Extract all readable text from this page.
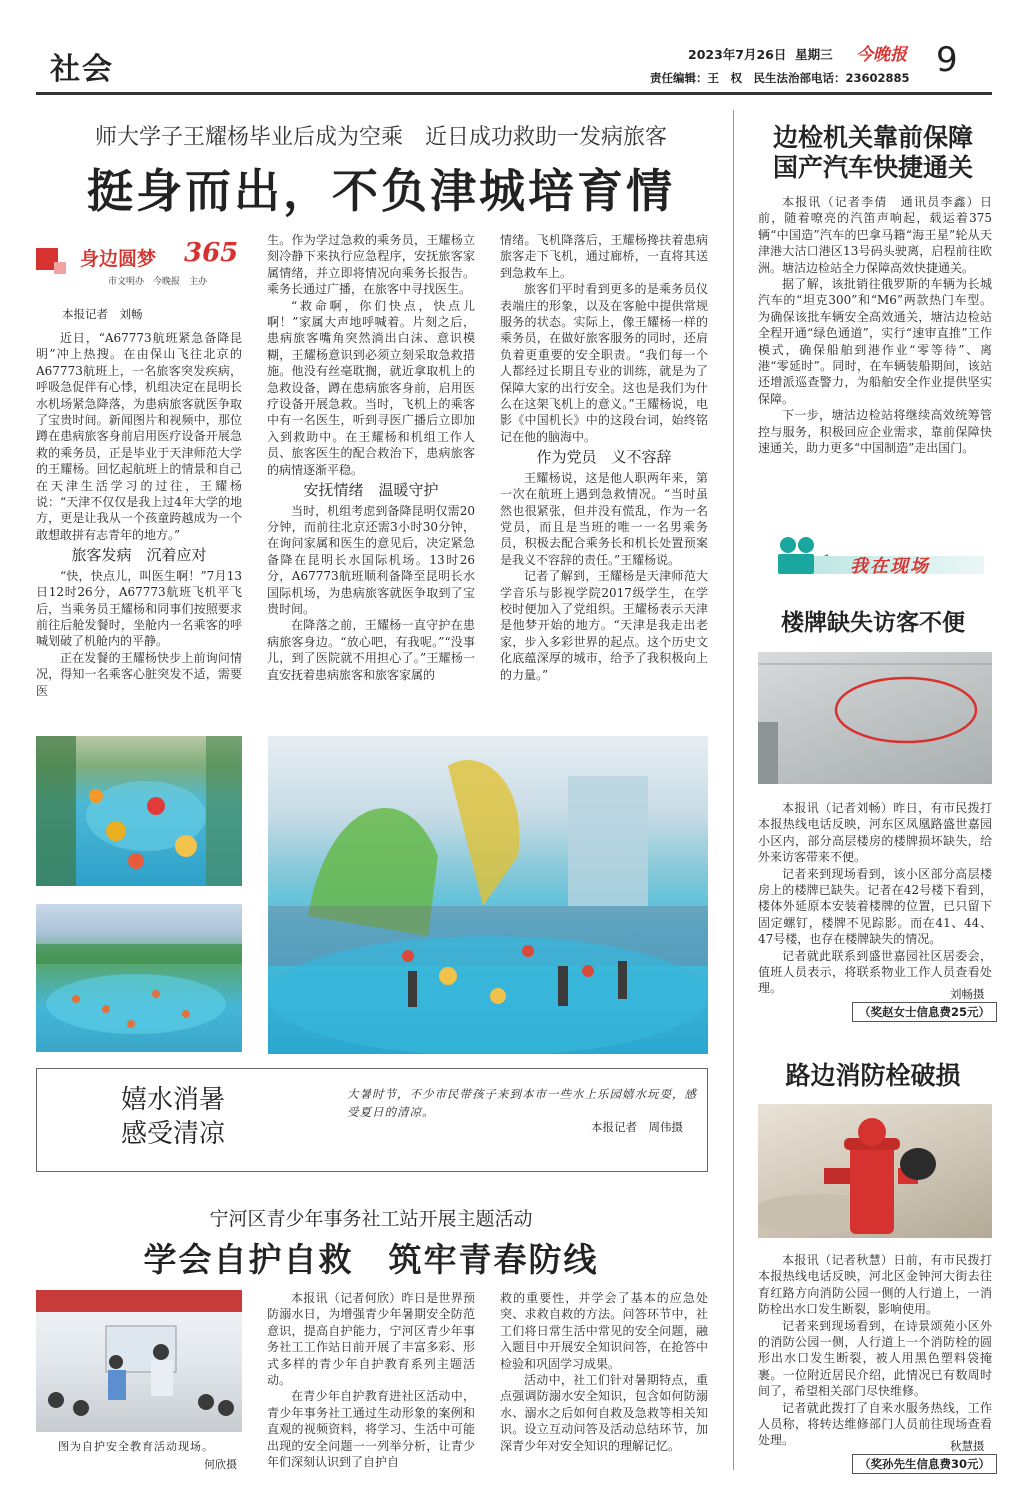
社会	2023年7月26日 星期三 今晚报 9
责任编辑：王　权　民生法治部电话：23602885
师大学子王耀杨毕业后成为空乘　近日成功救助一发病旅客
挺身而出，不负津城培育情
身边圆梦 365
市文明办　今晚报　主办
本报记者　刘畅

近日，“A67773航班紧急备降昆明”冲上热搜。在由保山飞往北京的A67773航班上，一名旅客突发疾病，呼吸急促伴有心悸，机组决定在昆明长水机场紧急降落，为患病旅客就医争取了宝贵时间。新闻图片和视频中，那位蹲在患病旅客身前启用医疗设备开展急救的乘务员，正是毕业于天津师范大学的王耀杨。回忆起航班上的情景和自己在天津生活学习的过往，王耀杨说：“天津不仅仅是我上过4年大学的地方，更是让我从一个孩童跨越成为一个敢想敢拼有志青年的地方。”

旅客发病　沉着应对

“快，快点儿，叫医生啊！”7月13日12时26分，A67773航班飞机平飞后，当乘务员王耀杨和同事们按照要求前往后舱发餐时，坐舱内一名乘客的呼喊划破了机舱内的平静。

正在发餐的王耀杨快步上前询问情况，得知一名乘客心脏突发不适，需要医

生。作为学过急救的乘务员，王耀杨立刻冷静下来执行应急程序，安抚旅客家属情绪，并立即将情况向乘务长报告。乘务长通过广播，在旅客中寻找医生。

“救命啊，你们快点，快点儿啊！”家属大声地呼喊着。片刻之后，患病旅客嘴角突然淌出白沫、意识模糊，王耀杨意识到必须立刻采取急救措施。他没有丝毫耽搁，就近拿取机上的急救设备，蹲在患病旅客身前，启用医疗设备开展急救。当时，飞机上的乘客中有一名医生，听到寻医广播后立即加入到救助中。在王耀杨和机组工作人员、旅客医生的配合救治下，患病旅客的病情逐渐平稳。

安抚情绪　温暖守护

当时，机组考虑到备降昆明仅需20分钟，而前往北京还需3小时30分钟，在询问家属和医生的意见后，决定紧急备降在昆明长水国际机场。13时26分，A67773航班顺利备降至昆明长水国际机场，为患病旅客就医争取到了宝贵时间。

在降落之前，王耀杨一直守护在患病旅客身边。“放心吧，有我呢。”“没事儿，到了医院就不用担心了。”王耀杨一直安抚着患病旅客和旅客家属的

情绪。飞机降落后，王耀杨搀扶着患病旅客走下飞机，通过廊桥，一直将其送到急救车上。

旅客们平时看到更多的是乘务员仪表端庄的形象，以及在客舱中提供常规服务的状态。实际上，像王耀杨一样的乘务员，在做好旅客服务的同时，还肩负着更重要的安全职责。“我们每一个人都经过长期且专业的训练，就是为了保障大家的出行安全。这也是我们为什么在这架飞机上的意义。”王耀杨说，电影《中国机长》中的这段台词，始终铭记在他的脑海中。

作为党员　义不容辞

王耀杨说，这是他人职两年来，第一次在航班上遇到急救情况。“当时虽然也很紧张，但并没有慌乱，作为一名党员，而且是当班的唯一一名男乘务员，积极去配合乘务长和机长处置预案是我义不容辞的责任。”王耀杨说。

记者了解到，王耀杨是天津师范大学音乐与影视学院2017级学生，在学校时便加入了党组织。王耀杨表示天津是他梦开始的地方。“天津是我走出老家，步入多彩世界的起点。这个历史文化底蕴深厚的城市，给予了我积极向上的力量。”

嬉水消暑
感受清凉
大暑时节，不少市民带孩子来到本市一些水上乐园嬉水玩耍，感受夏日的清凉。
本报记者　周伟摄
宁河区青少年事务社工站开展主题活动
学会自护自救　筑牢青春防线
图为自护安全教育活动现场。
何欣摄

本报讯（记者何欣）昨日是世界预防溺水日，为增强青少年暑期安全防范意识，提高自护能力，宁河区青少年事务社工工作站日前开展了丰富多彩、形式多样的青少年自护教育系列主题活动。

在青少年自护教育进社区活动中，青少年事务社工通过生动形象的案例和直观的视频资料，将学习、生活中可能出现的安全问题一一列举分析，让青少年们深刻认识到了自护自

救的重要性，并学会了基本的应急处突、求救自救的方法。问答环节中，社工们将日常生活中常见的安全问题，融入题目中开展安全知识问答，在抢答中检验和巩固学习成果。

活动中，社工们针对暑期特点，重点强调防溺水安全知识，包含如何防溺水、溺水之后如何自救及急救等相关知识。设立互动问答及活动总结环节，加深青少年对安全知识的理解记忆。

边检机关靠前保障
国产汽车快捷通关

本报讯（记者李倩　通讯员李鑫）日前，随着嘹亮的汽笛声响起，载运着375辆“中国造”汽车的巴拿马籍“海王星”轮从天津港大沽口港区13号码头驶离，启程前往欧洲。塘沽边检站全力保障高效快捷通关。

据了解，该批销往俄罗斯的车辆为长城汽车的“坦克300”和“M6”两款热门车型。为确保该批车辆安全高效通关，塘沽边检站全程开通“绿色通道”，实行“速审直推”工作模式，确保船舶到港作业“零等待”、离港“零延时”。同时，在车辆装船期间，该站还增派巡查警力，为船舶安全作业提供坚实保障。

下一步，塘沽边检站将继续高效统筹管控与服务，积极回应企业需求，靠前保障快速通关，助力更多“中国制造”走出国门。

我在现场
楼牌缺失访客不便

本报讯（记者刘畅）昨日，有市民拨打本报热线电话反映，河东区凤凰路盛世嘉园小区内，部分高层楼房的楼牌损坏缺失，给外来访客带来不便。

记者来到现场看到，该小区部分高层楼房上的楼牌已缺失。记者在42号楼下看到，楼体外延原本安装着楼牌的位置，已只留下固定螺钉，楼牌不见踪影。而在41、44、47号楼，也存在楼牌缺失的情况。

记者就此联系到盛世嘉园社区居委会，值班人员表示，将联系物业工作人员查看处理。	刘畅摄
（奖赵女士信息费25元）
路边消防栓破损

本报讯（记者秋慧）日前，有市民拨打本报热线电话反映，河北区金钟河大街去往育红路方向消防公园一侧的人行道上，一消防栓出水口发生断裂，影响使用。

记者来到现场看到，在诗景颂苑小区外的消防公园一侧，人行道上一个消防栓的圆形出水口发生断裂，被人用黑色塑料袋掩裹。一位附近居民介绍，此情况已有数周时间了，希望相关部门尽快维修。

记者就此拨打了自来水服务热线，工作人员称，将转达维修部门人员前往现场查看处理。	秋慧摄
（奖孙先生信息费30元）
